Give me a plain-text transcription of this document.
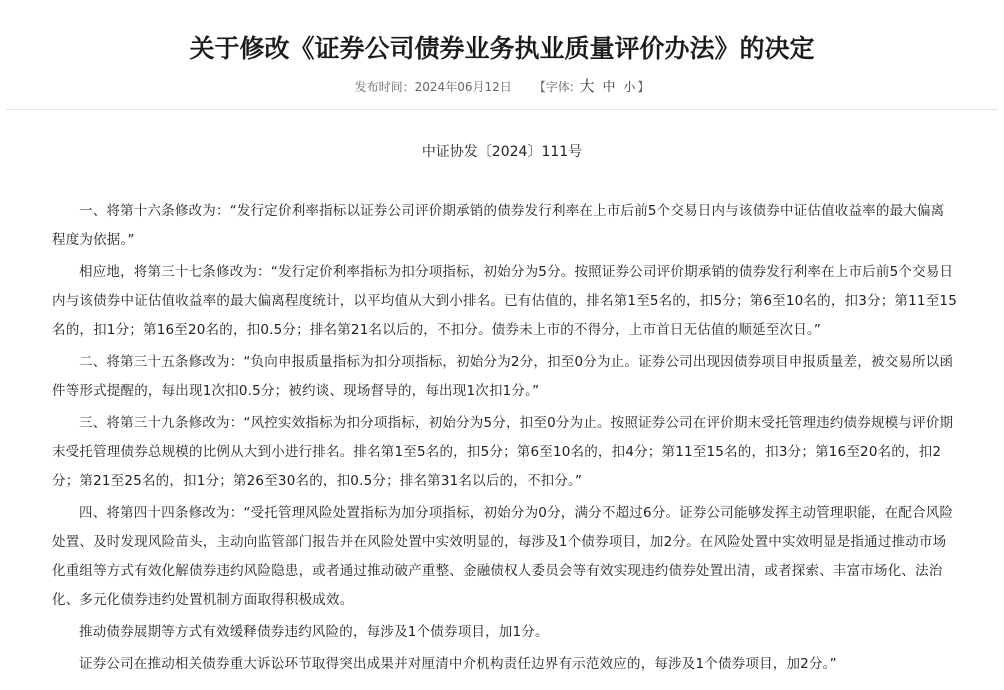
关于修改《证券公司债券业务执业质量评价办法》的决定
发布时间：2024年06月12日 【字体: 大 中 小 】
中证协发〔2024〕111号

一、将第十六条修改为：“发行定价利率指标以证券公司评价期承销的债券发行利率在上市后前5个交易日内与该债券中证估值收益率的最大偏离程度为依据。”

相应地，将第三十七条修改为：“发行定价利率指标为扣分项指标，初始分为5分。按照证券公司评价期承销的债券发行利率在上市后前5个交易日内与该债券中证估值收益率的最大偏离程度统计，以平均值从大到小排名。已有估值的，排名第1至5名的，扣5分；第6至10名的，扣3分；第11至15名的，扣1分；第16至20名的，扣0.5分；排名第21名以后的，不扣分。债券未上市的不得分，上市首日无估值的顺延至次日。”

二、将第三十五条修改为：“负向申报质量指标为扣分项指标，初始分为2分，扣至0分为止。证券公司出现因债券项目申报质量差，被交易所以函件等形式提醒的，每出现1次扣0.5分；被约谈、现场督导的，每出现1次扣1分。”

三、将第三十九条修改为：“风控实效指标为扣分项指标，初始分为5分，扣至0分为止。按照证券公司在评价期末受托管理违约债券规模与评价期末受托管理债券总规模的比例从大到小进行排名。排名第1至5名的，扣5分；第6至10名的，扣4分；第11至15名的，扣3分；第16至20名的，扣2分；第21至25名的，扣1分；第26至30名的，扣0.5分；排名第31名以后的，不扣分。”

四、将第四十四条修改为：“受托管理风险处置指标为加分项指标，初始分为0分，满分不超过6分。证券公司能够发挥主动管理职能，在配合风险处置、及时发现风险苗头，主动向监管部门报告并在风险处置中实效明显的，每涉及1个债券项目，加2分。在风险处置中实效明显是指通过推动市场化重组等方式有效化解债券违约风险隐患，或者通过推动破产重整、金融债权人委员会等有效实现违约债券处置出清，或者探索、丰富市场化、法治化、多元化债券违约处置机制方面取得积极成效。

推动债券展期等方式有效缓释债券违约风险的，每涉及1个债券项目，加1分。

证券公司在推动相关债券重大诉讼环节取得突出成果并对厘清中介机构责任边界有示范效应的，每涉及1个债券项目，加2分。”
